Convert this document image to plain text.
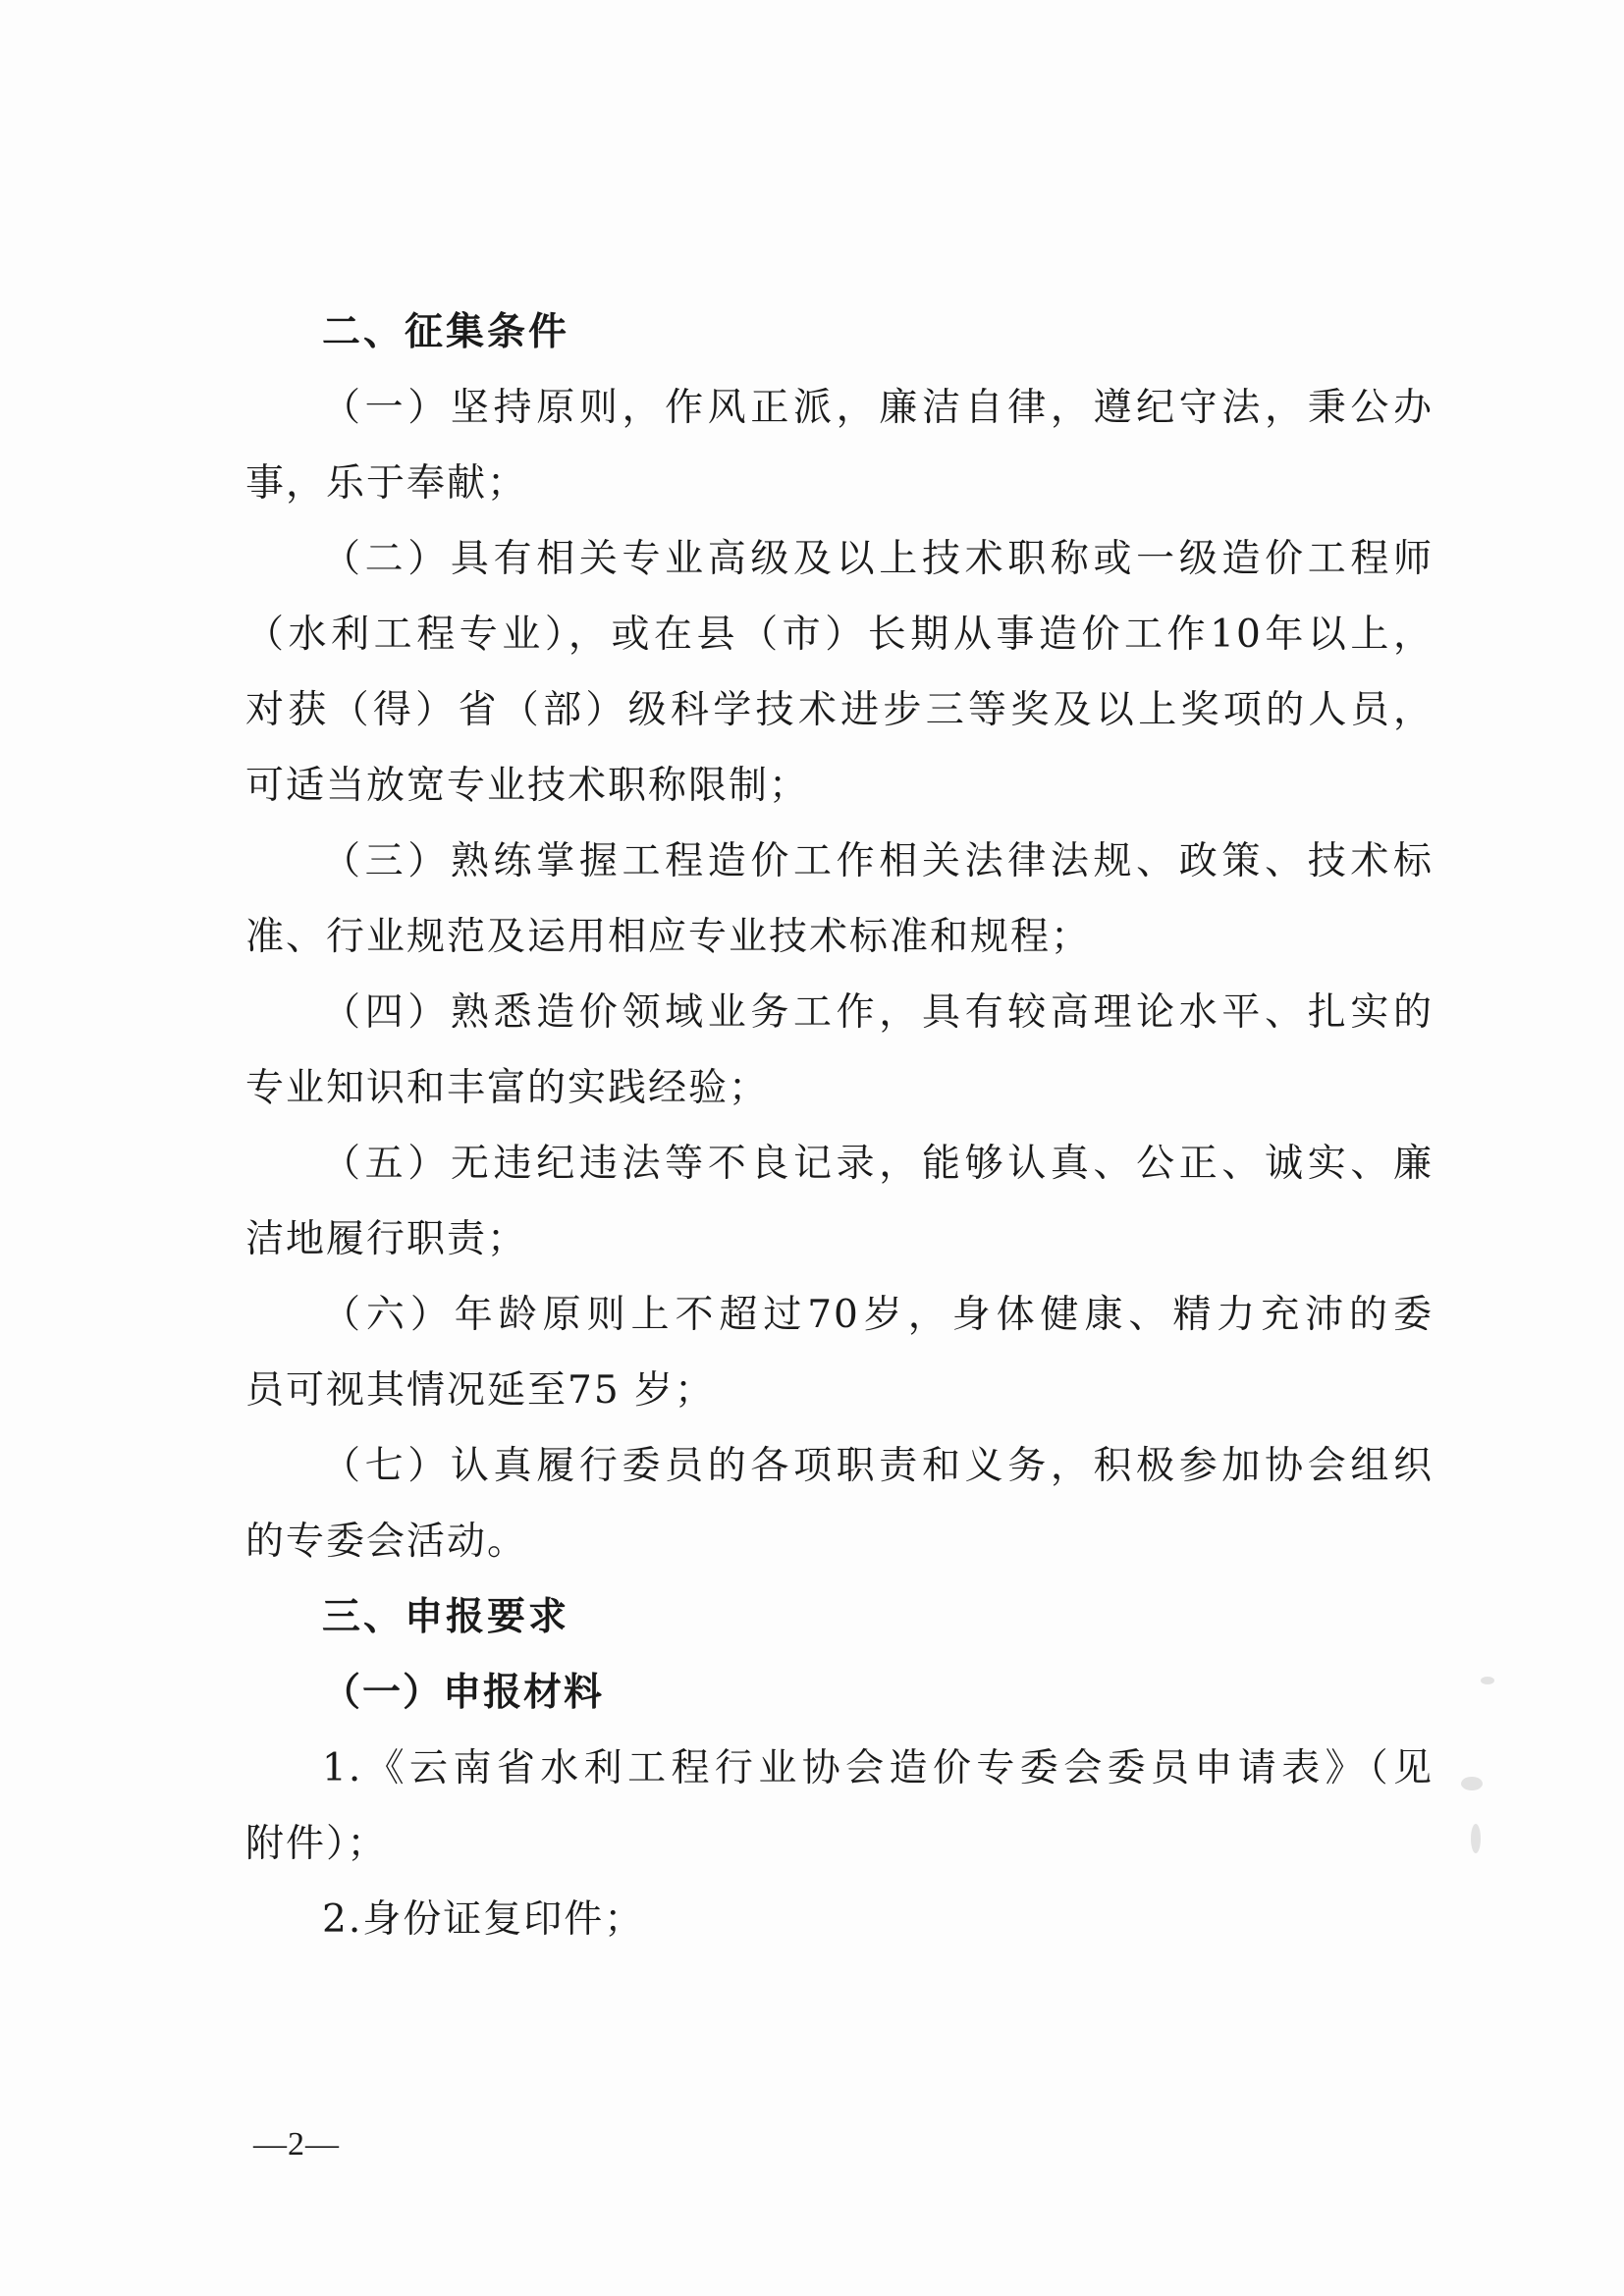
二、征集条件
（一）坚持原则，作风正派，廉洁自律，遵纪守法，秉公办
事，乐于奉献；
（二）具有相关专业高级及以上技术职称或一级造价工程师
（水利工程专业），或在县（市）长期从事造价工作10年以上，
对获（得）省（部）级科学技术进步三等奖及以上奖项的人员，
可适当放宽专业技术职称限制；
（三）熟练掌握工程造价工作相关法律法规、政策、技术标
准、行业规范及运用相应专业技术标准和规程；
（四）熟悉造价领域业务工作，具有较高理论水平、扎实的
专业知识和丰富的实践经验；
（五）无违纪违法等不良记录，能够认真、公正、诚实、廉
洁地履行职责；
（六）年龄原则上不超过70岁，身体健康、精力充沛的委
员可视其情况延至75 岁；
（七）认真履行委员的各项职责和义务，积极参加协会组织
的专委会活动。
三、申报要求
（一）申报材料
1.《云南省水利工程行业协会造价专委会委员申请表》（见
附件）；
2.身份证复印件；
—2—
